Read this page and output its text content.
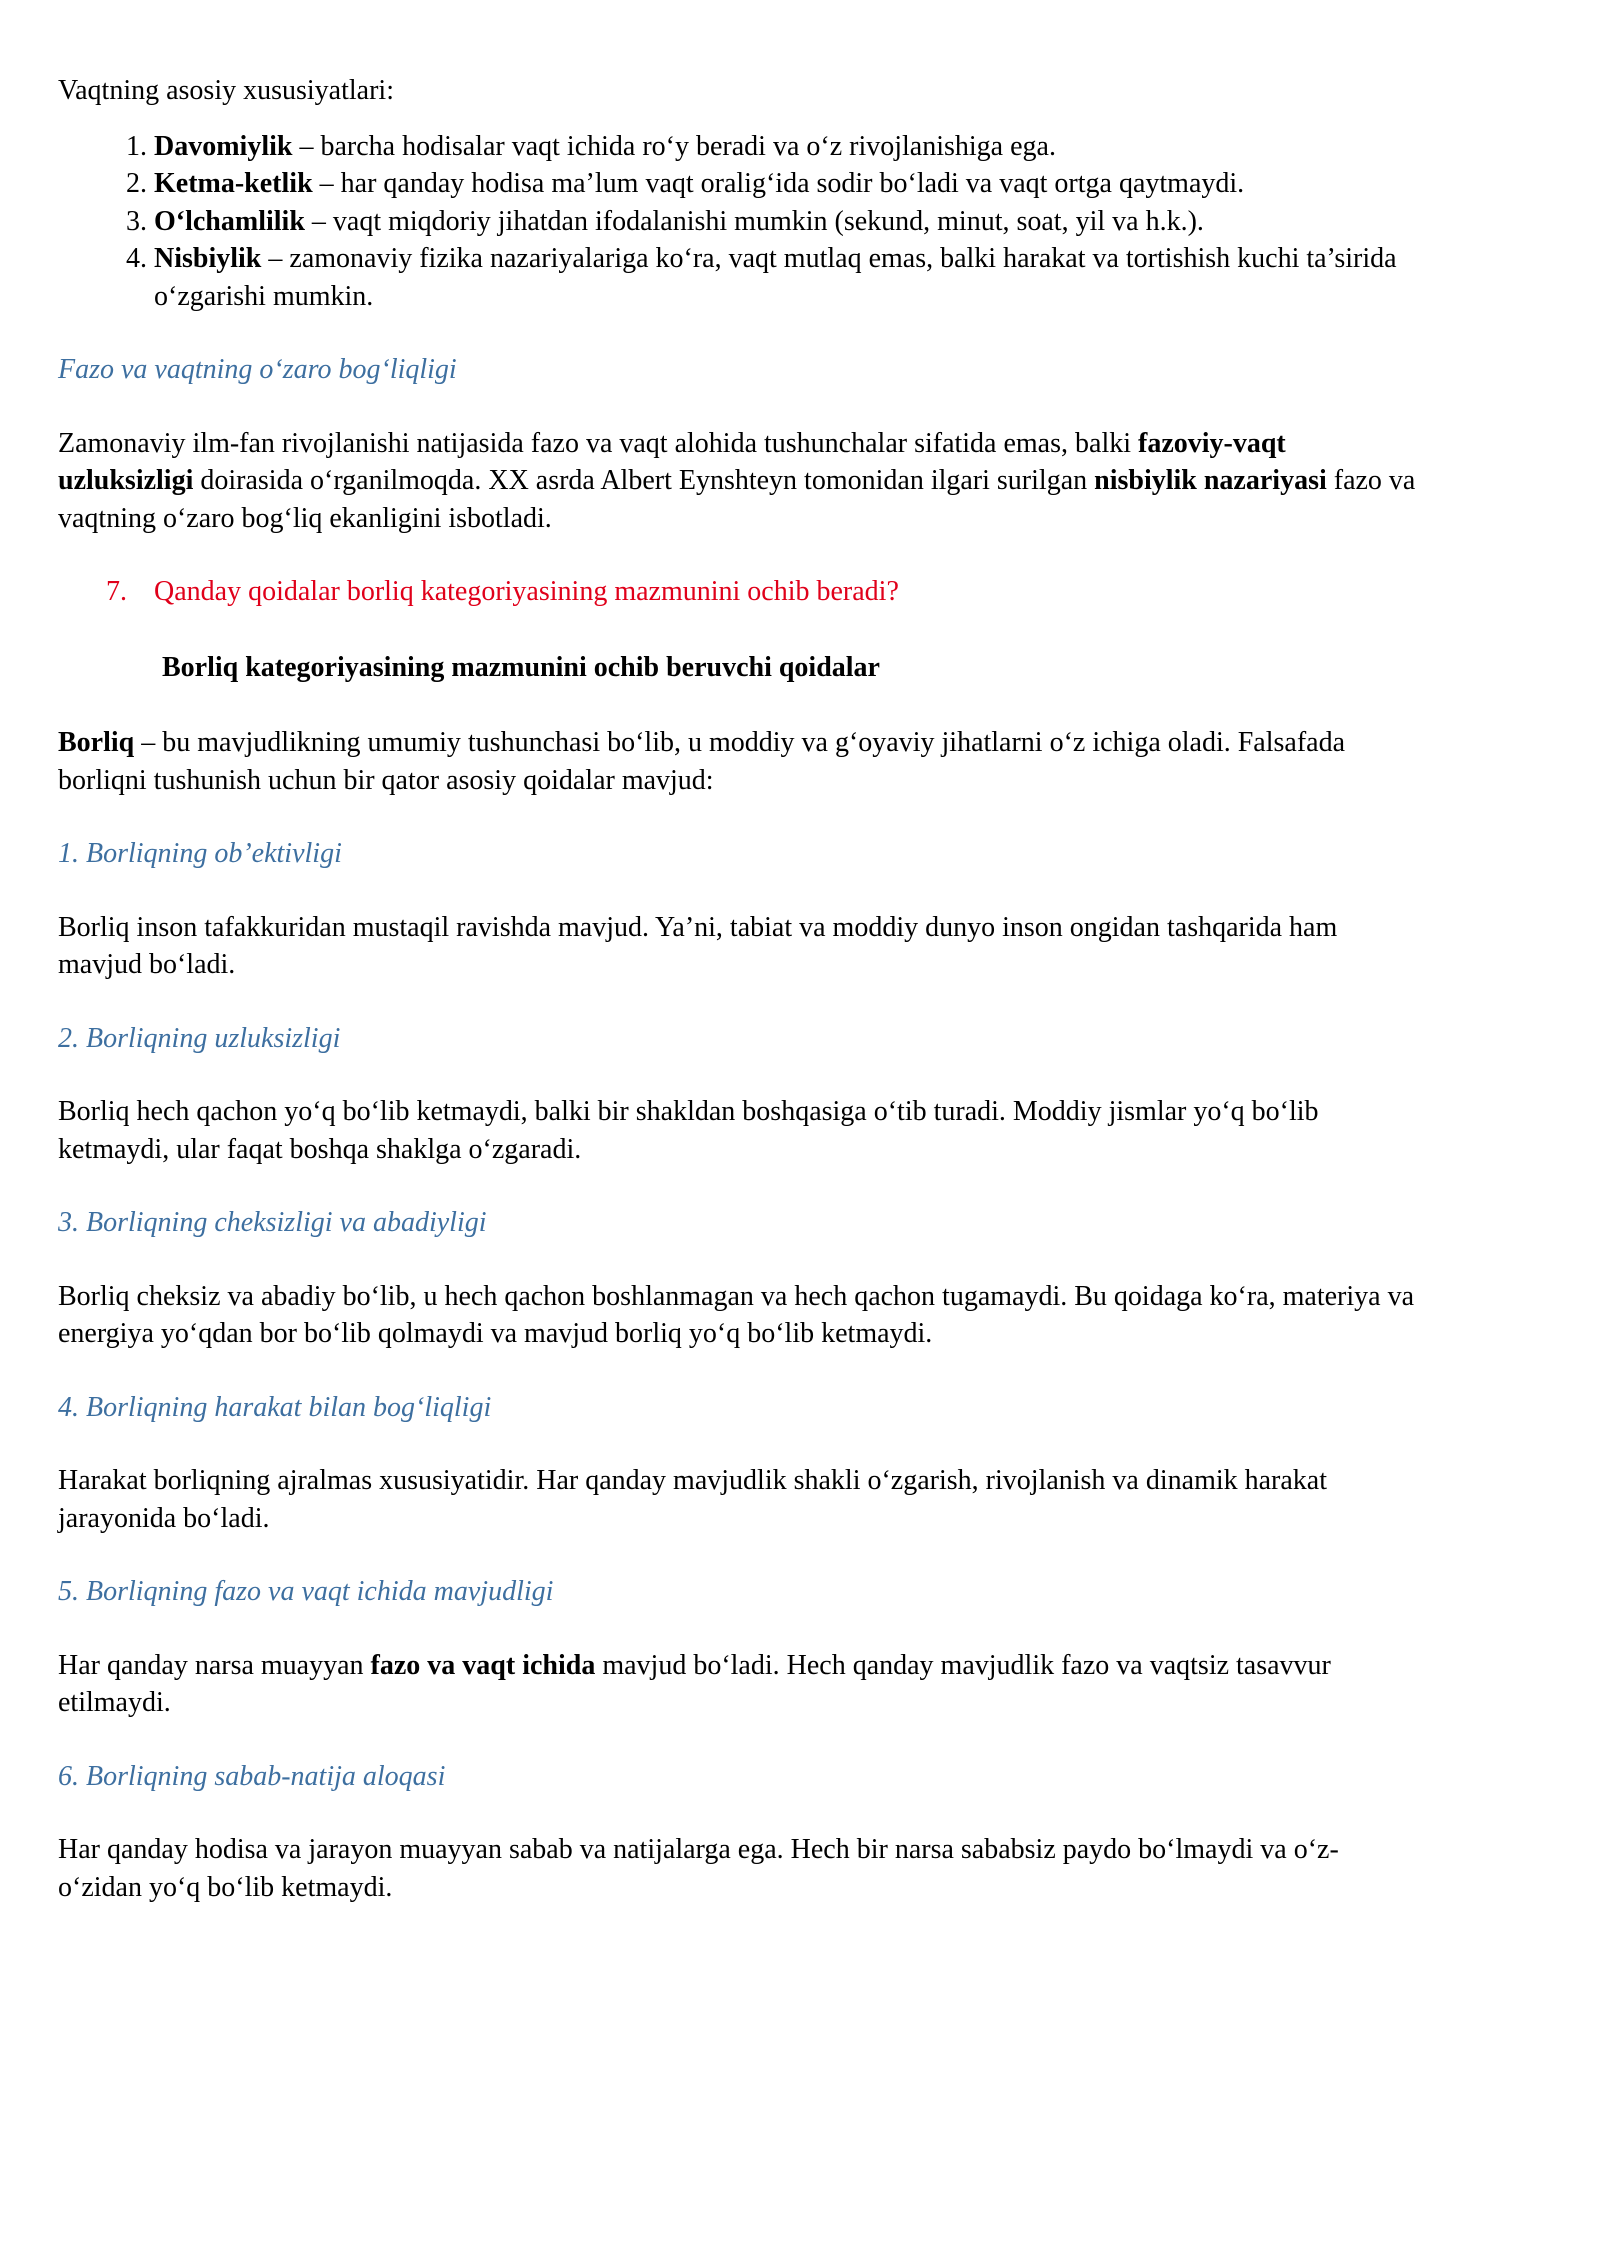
Vaqtning asosiy xususiyatlari:

1. Davomiylik – barcha hodisalar vaqt ichida ro‘y beradi va o‘z rivojlanishiga ega.
2. Ketma-ketlik – har qanday hodisa ma’lum vaqt oralig‘ida sodir bo‘ladi va vaqt ortga qaytmaydi.
3. O‘lchamlilik – vaqt miqdoriy jihatdan ifodalanishi mumkin (sekund, minut, soat, yil va h.k.).
4. Nisbiylik – zamonaviy fizika nazariyalariga ko‘ra, vaqt mutlaq emas, balki harakat va tortishish kuchi ta’sirida o‘zgarishi mumkin.

Fazo va vaqtning o‘zaro bog‘liqligi

Zamonaviy ilm-fan rivojlanishi natijasida fazo va vaqt alohida tushunchalar sifatida emas, balki fazoviy-vaqt uzluksizligi doirasida o‘rganilmoqda. XX asrda Albert Eynshteyn tomonidan ilgari surilgan nisbiylik nazariyasi fazo va vaqtning o‘zaro bog‘liq ekanligini isbotladi.

7. Qanday qoidalar borliq kategoriyasining mazmunini ochib beradi?

Borliq kategoriyasining mazmunini ochib beruvchi qoidalar

Borliq – bu mavjudlikning umumiy tushunchasi bo‘lib, u moddiy va g‘oyaviy jihatlarni o‘z ichiga oladi. Falsafada borliqni tushunish uchun bir qator asosiy qoidalar mavjud:

1. Borliqning ob’ektivligi

Borliq inson tafakkuridan mustaqil ravishda mavjud. Ya’ni, tabiat va moddiy dunyo inson ongidan tashqarida ham mavjud bo‘ladi.

2. Borliqning uzluksizligi

Borliq hech qachon yo‘q bo‘lib ketmaydi, balki bir shakldan boshqasiga o‘tib turadi. Moddiy jismlar yo‘q bo‘lib ketmaydi, ular faqat boshqa shaklga o‘zgaradi.

3. Borliqning cheksizligi va abadiyligi

Borliq cheksiz va abadiy bo‘lib, u hech qachon boshlanmagan va hech qachon tugamaydi. Bu qoidaga ko‘ra, materiya va energiya yo‘qdan bor bo‘lib qolmaydi va mavjud borliq yo‘q bo‘lib ketmaydi.

4. Borliqning harakat bilan bog‘liqligi

Harakat borliqning ajralmas xususiyatidir. Har qanday mavjudlik shakli o‘zgarish, rivojlanish va dinamik harakat jarayonida bo‘ladi.

5. Borliqning fazo va vaqt ichida mavjudligi

Har qanday narsa muayyan fazo va vaqt ichida mavjud bo‘ladi. Hech qanday mavjudlik fazo va vaqtsiz tasavvur etilmaydi.

6. Borliqning sabab-natija aloqasi

Har qanday hodisa va jarayon muayyan sabab va natijalarga ega. Hech bir narsa sababsiz paydo bo‘lmaydi va o‘z-o‘zidan yo‘q bo‘lib ketmaydi.
